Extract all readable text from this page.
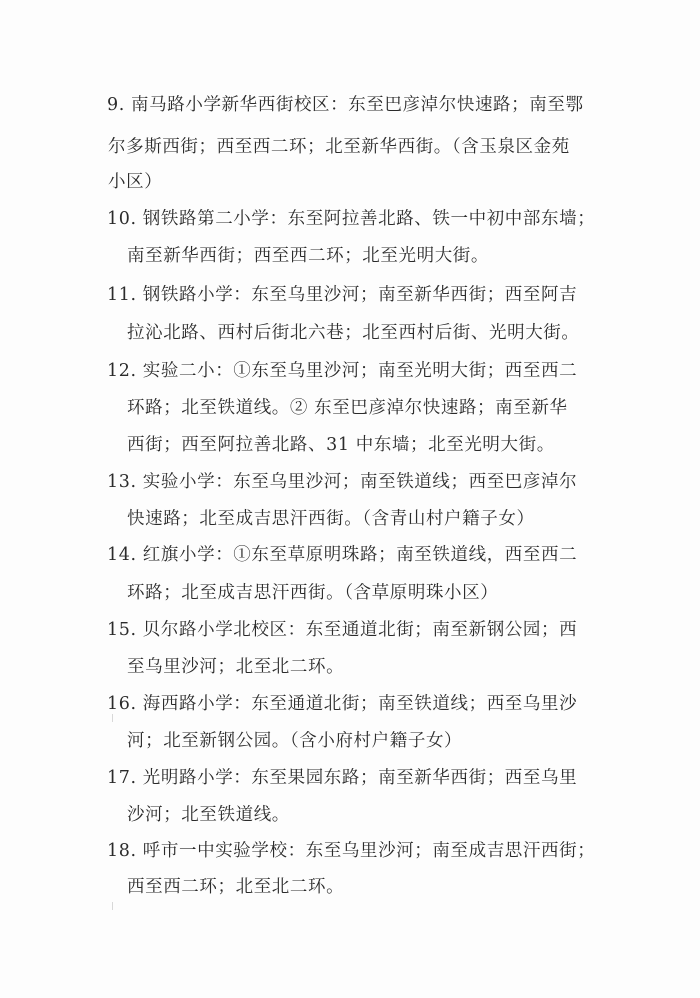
9. 南马路小学新华西街校区：东至巴彦淖尔快速路；南至鄂
尔多斯西街；西至西二环；北至新华西街。（含玉泉区金苑
小区）
10. 钢铁路第二小学：东至阿拉善北路、铁一中初中部东墙；
南至新华西街；西至西二环；北至光明大街。
11. 钢铁路小学：东至乌里沙河；南至新华西街；西至阿吉
拉沁北路、西村后街北六巷；北至西村后街、光明大街。
12. 实验二小：①东至乌里沙河；南至光明大街；西至西二
环路；北至铁道线。② 东至巴彦淖尔快速路；南至新华
西街；西至阿拉善北路、31 中东墙；北至光明大街。
13. 实验小学：东至乌里沙河；南至铁道线；西至巴彦淖尔
快速路；北至成吉思汗西街。（含青山村户籍子女）
14. 红旗小学：①东至草原明珠路；南至铁道线，西至西二
环路；北至成吉思汗西街。（含草原明珠小区）
15. 贝尔路小学北校区：东至通道北街；南至新钢公园；西
至乌里沙河；北至北二环。
16. 海西路小学：东至通道北街；南至铁道线；西至乌里沙
河；北至新钢公园。（含小府村户籍子女）
17. 光明路小学：东至果园东路；南至新华西街；西至乌里
沙河；北至铁道线。
18. 呼市一中实验学校：东至乌里沙河；南至成吉思汗西街；
西至西二环；北至北二环。
